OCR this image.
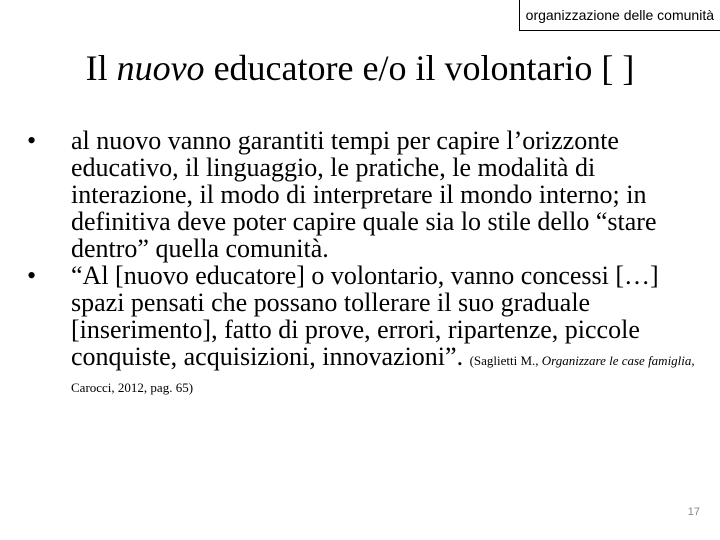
organizzazione delle comunità
Il nuovo educatore e/o il volontario [ ]
•	al nuovo vanno garantiti tempi per capire l’orizzonte educativo, il linguaggio, le pratiche, le modalità di interazione, il modo di interpretare il mondo interno; in definitiva deve poter capire quale sia lo stile dello “stare dentro” quella comunità.
•	“Al [nuovo educatore] o volontario, vanno concessi […] spazi pensati che possano tollerare il suo graduale [inserimento], fatto di prove, errori, ripartenze, piccole conquiste, acquisizioni, innovazioni”. (Saglietti M., Organizzare le case famiglia, Carocci, 2012, pag. 65)
17
